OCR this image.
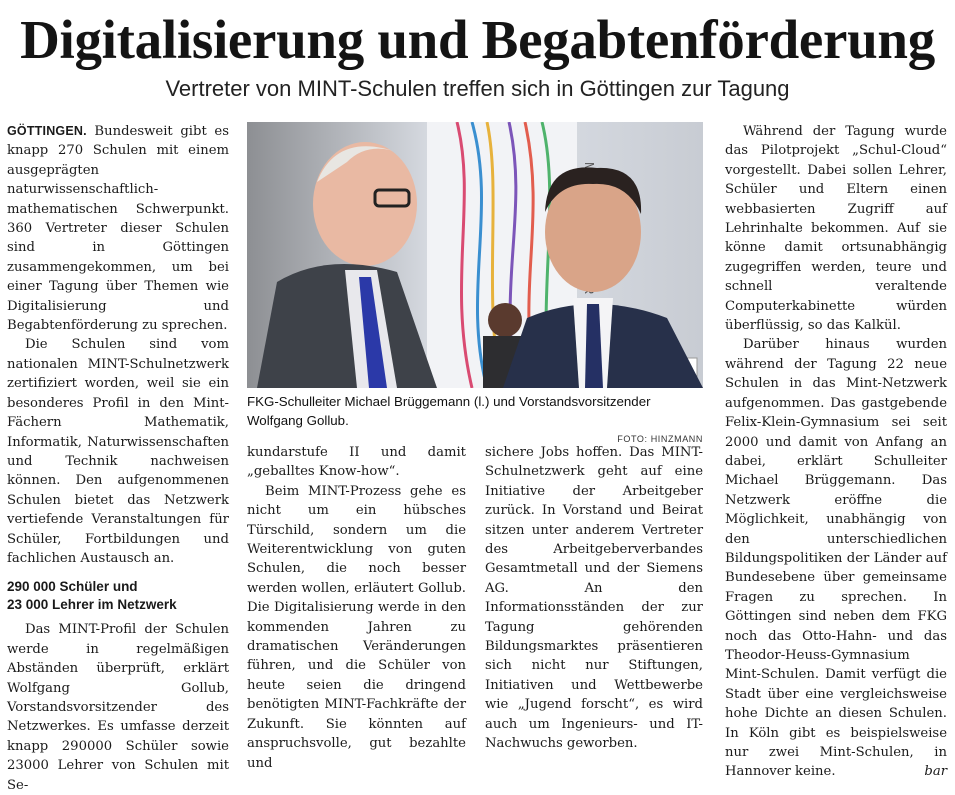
Digitalisierung und Begabtenförderung
Vertreter von MINT-Schulen treffen sich in Göttingen zur Tagung

GÖTTINGEN. Bundesweit gibt es knapp 270 Schulen mit einem ausgeprägten naturwissenschaftlich-mathematischen Schwerpunkt. 360 Vertreter dieser Schulen sind in Göttingen zusammengekommen, um bei einer Tagung über Themen wie Digitalisierung und Begabtenförderung zu sprechen.

Die Schulen sind vom nationalen MINT-Schulnetzwerk zertifiziert worden, weil sie ein besonderes Profil in den Mint-Fächern Mathematik, Informatik, Naturwissenschaften und Technik nachweisen können. Den aufgenommenen Schulen bietet das Netzwerk vertiefende Veranstaltungen für Schüler, Fortbildungen und fachlichen Austausch an.

290 000 Schüler und
23 000 Lehrer im Netzwerk

Das MINT-Profil der Schulen werde in regelmäßigen Abständen überprüft, erklärt Wolfgang Gollub, Vorstandsvorsitzender des Netzwerkes. Es umfasse derzeit knapp 290000 Schüler sowie 23000 Lehrer von Schulen mit Se-

FKG-Schulleiter Michael Brüggemann (l.) und Vorstandsvorsitzender Wolfgang Gollub.
FOTO: HINZMANN

kundarstufe II und damit „geballtes Know-how“.

Beim MINT-Prozess gehe es nicht um ein hübsches Türschild, sondern um die Weiterentwicklung von guten Schulen, die noch besser werden wollen, erläutert Gollub. Die Digitalisierung werde in den kommenden Jahren zu dramatischen Veränderungen führen, und die Schüler von heute seien die dringend benötigten MINT-Fachkräfte der Zukunft. Sie könnten auf anspruchsvolle, gut bezahlte und

sichere Jobs hoffen. Das MINT-Schulnetzwerk geht auf eine Initiative der Arbeitgeber zurück. In Vorstand und Beirat sitzen unter anderem Vertreter des Arbeitgeberverbandes Gesamtmetall und der Siemens AG. An den Informationsständen der zur Tagung gehörenden Bildungsmarktes präsentieren sich nicht nur Stiftungen, Initiativen und Wettbewerbe wie „Jugend forscht“, es wird auch um Ingenieurs- und IT-Nachwuchs geworben.

Während der Tagung wurde das Pilotprojekt „Schul-Cloud“ vorgestellt. Dabei sollen Lehrer, Schüler und Eltern einen webbasierten Zugriff auf Lehrinhalte bekommen. Auf sie könne damit ortsunabhängig zugegriffen werden, teure und schnell veraltende Computerkabinette würden überflüssig, so das Kalkül.

Darüber hinaus wurden während der Tagung 22 neue Schulen in das Mint-Netzwerk aufgenommen. Das gastgebende Felix-Klein-Gymnasium sei seit 2000 und damit von Anfang an dabei, erklärt Schulleiter Michael Brüggemann. Das Netzwerk eröffne die Möglichkeit, unabhängig von den unterschiedlichen Bildungspolitiken der Länder auf Bundesebene über gemeinsame Fragen zu sprechen. In Göttingen sind neben dem FKG noch das Otto-Hahn- und das Theodor-Heuss-Gymnasium Mint-Schulen. Damit verfügt die Stadt über eine vergleichsweise hohe Dichte an diesen Schulen. In Köln gibt es beispielsweise nur zwei Mint-Schulen, in Hannover keine.	bar
